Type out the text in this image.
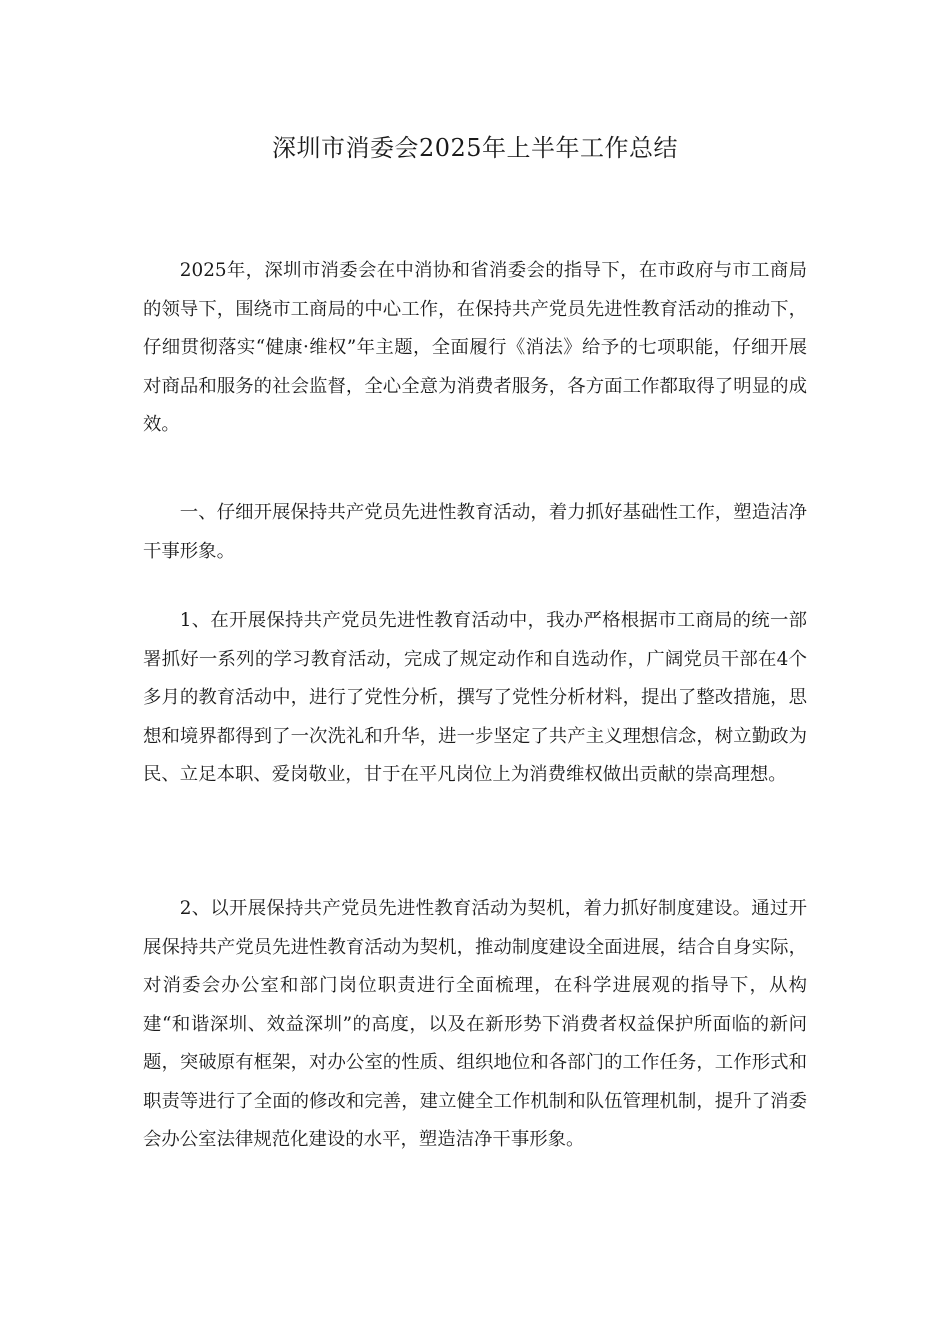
深圳市消委会2025年上半年工作总结

2025年，深圳市消委会在中消协和省消委会的指导下，在市政府与市工商局的领导下，围绕市工商局的中心工作，在保持共产党员先进性教育活动的推动下，仔细贯彻落实“健康·维权”年主题，全面履行《消法》给予的七项职能，仔细开展对商品和服务的社会监督，全心全意为消费者服务，各方面工作都取得了明显的成效。

一、仔细开展保持共产党员先进性教育活动，着力抓好基础性工作，塑造洁净干事形象。

1、在开展保持共产党员先进性教育活动中，我办严格根据市工商局的统一部署抓好一系列的学习教育活动，完成了规定动作和自选动作，广阔党员干部在4个多月的教育活动中，进行了党性分析，撰写了党性分析材料，提出了整改措施，思想和境界都得到了一次洗礼和升华，进一步坚定了共产主义理想信念，树立勤政为民、立足本职、爱岗敬业，甘于在平凡岗位上为消费维权做出贡献的崇高理想。

2、以开展保持共产党员先进性教育活动为契机，着力抓好制度建设。通过开展保持共产党员先进性教育活动为契机，推动制度建设全面进展，结合自身实际，对消委会办公室和部门岗位职责进行全面梳理，在科学进展观的指导下，从构建“和谐深圳、效益深圳”的高度，以及在新形势下消费者权益保护所面临的新问题，突破原有框架，对办公室的性质、组织地位和各部门的工作任务，工作形式和职责等进行了全面的修改和完善，建立健全工作机制和队伍管理机制，提升了消委会办公室法律规范化建设的水平，塑造洁净干事形象。
